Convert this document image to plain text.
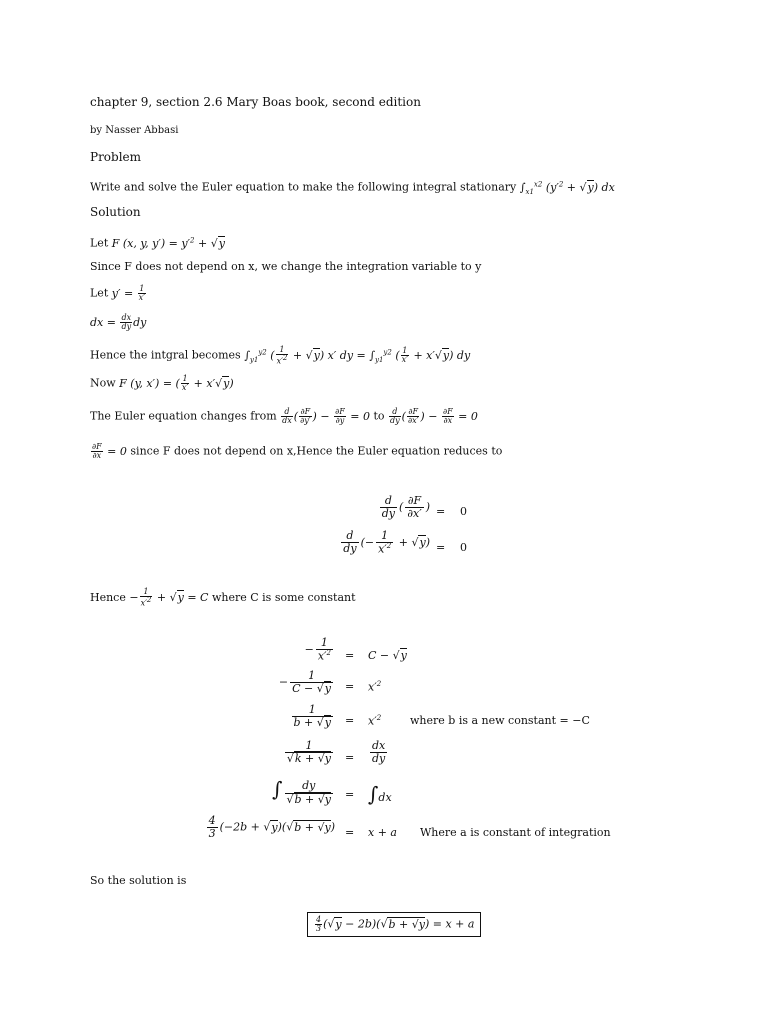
chapter 9, section 2.6 Mary Boas book, second edition
by Nasser Abbasi
Problem
Write and solve the Euler equation to make the following integral stationary $\int_{x1}^{x2}$ $(y'^2 + √y)$ dx
Solution
Let F (x, y, $y') = y'^2 + √y$
Since F does not depend on x, we change the integration variable to y
Let $y' = \frac{1}{x'}$
dx = $\frac{dx}{dy}$ dy
Hence the intgral becomes $\int_{y1}^{y2}$ ( $\frac{1}{x'^2} + √y$) x′ dy = $\int_{y1}^{y2}$ ( $\frac{1}{x'} + x'√y$) dy
Now F (y, x′) = ( $\frac{1}{x'} + x'√y$)
The Euler equation changes from $\frac{d}{dx}$ ( $\frac{\partial F}{\partial y'}$ ) − $\frac{\partial F}{\partial y} = 0$ to $\frac{d}{dy}$ ( $\frac{\partial F}{\partial x'}$ ) − $\frac{\partial F}{\partial x} = 0$
$\frac{\partial F}{\partial x} = 0$ since F does not depend on x,Hence the Euler equation reduces to
$\frac{d}{dy}$ ( $\frac{\partial F}{\partial x'}$ ) = 0
$\frac{d}{dy}$ (− $\frac{1}{x'^2} + √y) = 0$
Hence − $\frac{1}{x'^2} + √y = C$ where C is some constant
− $\frac{1}{x'^2} = C - √y$
− $\frac{1}{C - √y} = x'^2$
$\frac{1}{b + √y} = x'^2$	where b is a new constant = −C
$\frac{1}{√k + √y} = \frac{dx}{dy}$
∫ $\frac{dy}{√b + √y} = \int dx$
$\frac{4}{3} (-2b + √y)(√b + √y) = x + a$ Where a is constant of integration
So the solution is
$\frac{4}{3} (√y - 2b)(√b + √y) = x + a$
